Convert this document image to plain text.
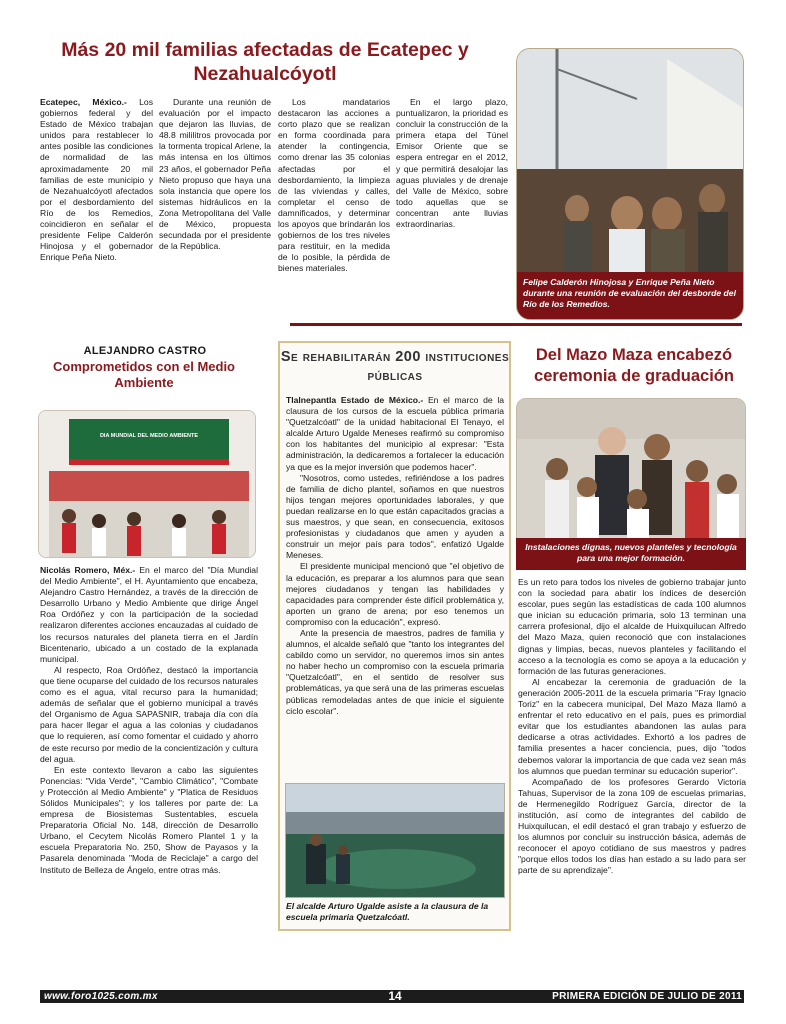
Más 20 mil familias afectadas de Ecatepec y Nezahualcóyotl

Ecatepec, México.- Los gobiernos federal y del Estado de México trabajan unidos para restablecer lo antes posible las condiciones de normalidad de las aproximadamente 20 mil familias de este municipio y de Nezahualcóyotl afectados por el desbordamiento del Río de los Remedios, coincidieron en señalar el presidente Felipe Calderón Hinojosa y el gobernador Enrique Peña Nieto.

Durante una reunión de evaluación por el impacto que dejaron las lluvias, de 48.8 mililitros provocada por la tormenta tropical Arlene, la más intensa en los últimos 23 años, el gobernador Peña Nieto propuso que haya una sola instancia que opere los sistemas hidráulicos en la Zona Metropolitana del Valle de México, propuesta secundada por el presidente de la República.

Los mandatarios destacaron las acciones a corto plazo que se realizan en forma coordinada para atender la contingencia, como drenar las 35 colonias afectadas por el desbordamiento, la limpieza de las viviendas y calles, completar el censo de damnificados, y determinar los apoyos que brindarán los gobiernos de los tres niveles para restituir, en la medida de lo posible, la pérdida de bienes materiales.

En el largo plazo, puntualizaron, la prioridad es concluir la construcción de la primera etapa del Túnel Emisor Oriente que se espera entregar en el 2012, y que permitirá desalojar las aguas pluviales y de drenaje del Valle de México, sobre todo aquellas que se concentran ante lluvias extraordinarias.

Felipe Calderón Hinojosa y Enrique Peña Nieto durante una reunión de evaluación del desborde del Río de los Remedios.
ALEJANDRO CASTRO
Comprometidos con el Medio Ambiente
DIA MUNDIAL DEL MEDIO AMBIENTE

Nicolás Romero, Méx.- En el marco del "Día Mundial del Medio Ambiente", el H. Ayuntamiento que encabeza, Alejandro Castro Hernández, a través de la dirección de Desarrollo Urbano y Medio Ambiente que dirige Ángel Roa Ordóñez y con la participación de la sociedad realizaron diferentes acciones encauzadas al cuidado de los recursos naturales del planeta tierra en el Jardín Bicentenario, ubicado a un costado de la explanada municipal.

Al respecto, Roa Ordóñez, destacó la importancia que tiene ocuparse del cuidado de los recursos naturales como es el agua, vital recurso para la humanidad; además de señalar que el gobierno municipal a través del Organismo de Agua SAPASNIR, trabaja día con día para hacer llegar el agua a las colonias y ciudadanos que lo requieren, así como fomentar el cuidado y ahorro de este recurso por medio de la concientización y cultura del agua.

En este contexto llevaron a cabo las siguientes Ponencias: "Vida Verde", "Cambio Climático", "Combate y Protección al Medio Ambiente" y "Platica de Residuos Sólidos Municipales"; y los talleres por parte de: La empresa de Biosistemas Sustentables, escuela Preparatoria Oficial No. 148, dirección de Desarrollo Urbano, el Cecytem Nicolás Romero Plantel 1 y la escuela Preparatoria No. 250, Show de Payasos y la Pasarela denominada "Moda de Reciclaje" a cargo del Instituto de Belleza de Ángelo, entre otras más.

Se rehabilitarán 200 instituciones públicas

Tlalnepantla Estado de México.- En el marco de la clausura de los cursos de la escuela pública primaria "Quetzalcóatl" de la unidad habitacional El Tenayo, el alcalde Arturo Ugalde Meneses reafirmó su compromiso con los habitantes del municipio al expresar: "Esta administración, la dedicaremos a fortalecer la educación ya que es la mejor inversión que podemos hacer".

"Nosotros, como ustedes, refiriéndose a los padres de familia de dicho plantel, soñamos en que nuestros hijos tengan mejores oportunidades laborales, y que puedan realizarse en lo que están capacitados gracias a sus maestros, y que sean, en consecuencia, exitosos profesionistas y ciudadanos que amen y ayuden a construir un mejor país para todos", enfatizó Ugalde Meneses.

El presidente municipal mencionó que "el objetivo de la educación, es preparar a los alumnos para que sean mejores ciudadanos y tengan las habilidades y capacidades para comprender éste difícil problemática y, aporten un grano de arena; por eso tenemos un compromiso con la educación", expresó.

Ante la presencia de maestros, padres de familia y alumnos, el alcalde señaló que "tanto los integrantes del cabildo como un servidor, no queremos irnos sin antes no haber hecho un compromiso con la escuela primaria "Quetzalcóatl", en el sentido de resolver sus problemáticas, ya que será una de las primeras escuelas públicas remodeladas antes de que inicie el siguiente ciclo escolar".

El alcalde Arturo Ugalde asiste a la clausura de la escuela primaria Quetzalcóatl.
Del Mazo Maza encabezó ceremonia de graduación
Instalaciones dignas, nuevos planteles y tecnología para una mejor formación.

Es un reto para todos los niveles de gobierno trabajar junto con la sociedad para abatir los índices de deserción escolar, pues según las estadísticas de cada 100 alumnos que inician su educación primaria, solo 13 terminan una carrera profesional, dijo el alcalde de Huixquilucan Alfredo del Mazo Maza, quien reconoció que con instalaciones dignas y limpias, becas, nuevos planteles y facilitando el acceso a la tecnología es como se apoya a la educación y formación de las futuras generaciones.

Al encabezar la ceremonia de graduación de la generación 2005-2011 de la escuela primaria "Fray Ignacio Toriz" en la cabecera municipal, Del Mazo Maza llamó a enfrentar el reto educativo en el país, pues es primordial evitar que los estudiantes abandonen las aulas para dedicarse a otras actividades. Exhortó a los padres de familia presentes a hacer conciencia, pues, dijo "todos debemos valorar la importancia de que cada vez sean más los alumnos que puedan terminar su educación superior".

Acompañado de los profesores Gerardo Victoria Tahuas, Supervisor de la zona 109 de escuelas primarias, de Hermenegildo Rodríguez García, director de la institución, así como de integrantes del cabildo de Huixquilucan, el edil destacó el gran trabajo y esfuerzo de los alumnos por concluir su instrucción básica, además de reconocer el apoyo cotidiano de sus maestros y padres "porque ellos todos los días han estado a su lado para ser parte de su aprendizaje".

www.foro1025.com.mx	14	PRIMERA EDICIÓN DE JULIO DE 2011
